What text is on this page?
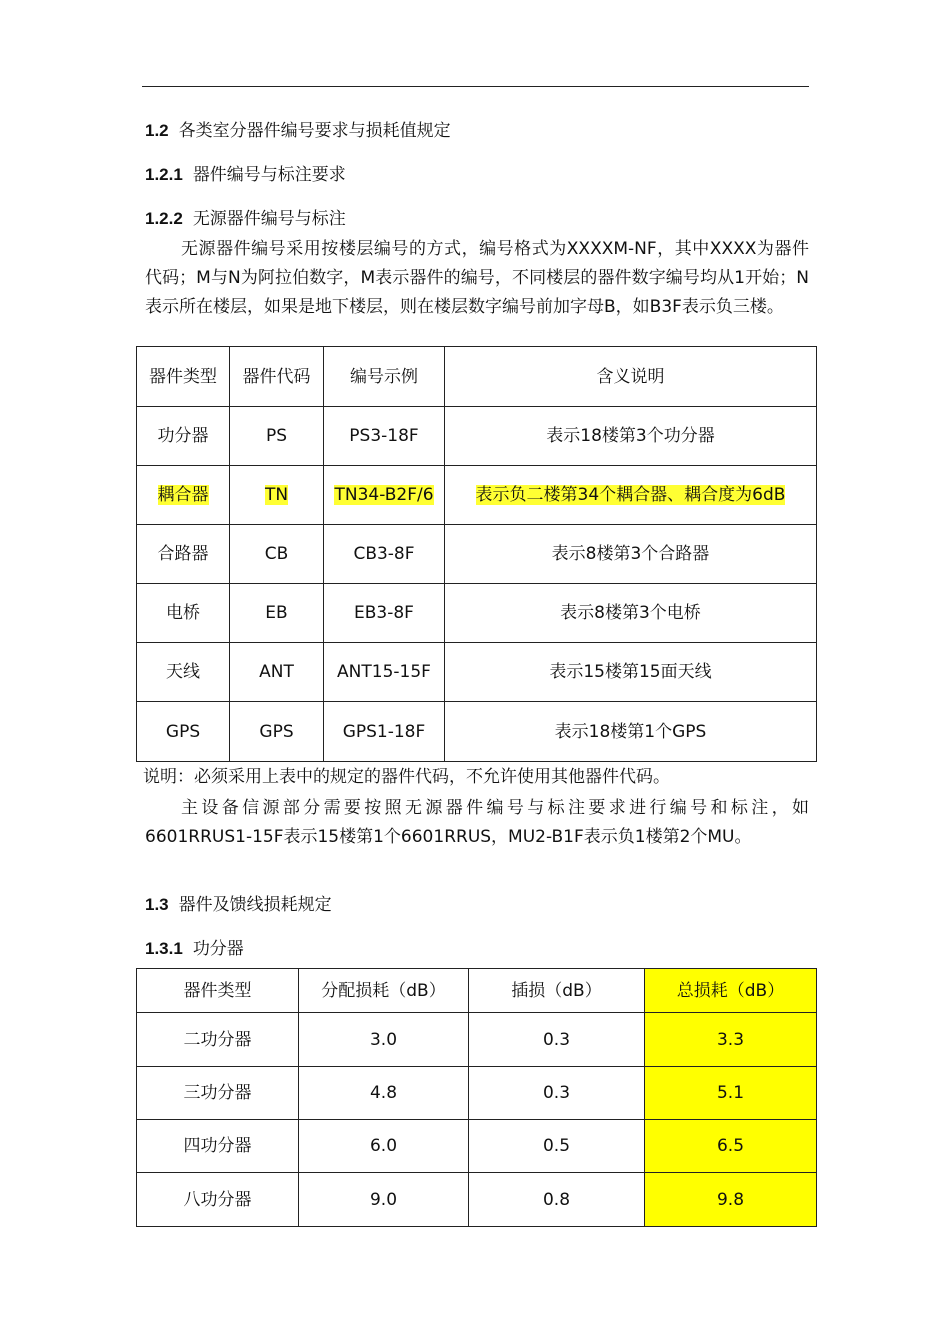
1.2 各类室分器件编号要求与损耗值规定
1.2.1 器件编号与标注要求
1.2.2 无源器件编号与标注
无源器件编号采用按楼层编号的方式，编号格式为XXXXM-NF，其中XXXX为器件代码；M与N为阿拉伯数字，M表示器件的编号，不同楼层的器件数字编号均从1开始；N表示所在楼层，如果是地下楼层，则在楼层数字编号前加字母B，如B3F表示负三楼。
器件类型	器件代码	编号示例	含义说明
功分器	PS	PS3-18F	表示18楼第3个功分器
耦合器	TN	TN34-B2F/6	表示负二楼第34个耦合器、耦合度为6dB
合路器	CB	CB3-8F	表示8楼第3个合路器
电桥	EB	EB3-8F	表示8楼第3个电桥
天线	ANT	ANT15-15F	表示15楼第15面天线
GPS	GPS	GPS1-18F	表示18楼第1个GPS
说明：必须采用上表中的规定的器件代码，不允许使用其他器件代码。
主设备信源部分需要按照无源器件编号与标注要求进行编号和标注，如6601RRUS1-15F表示15楼第1个6601RRUS，MU2-B1F表示负1楼第2个MU。
1.3 器件及馈线损耗规定
1.3.1 功分器
器件类型	分配损耗（dB）	插损（dB）	总损耗（dB）
二功分器	3.0	0.3	3.3
三功分器	4.8	0.3	5.1
四功分器	6.0	0.5	6.5
八功分器	9.0	0.8	9.8
